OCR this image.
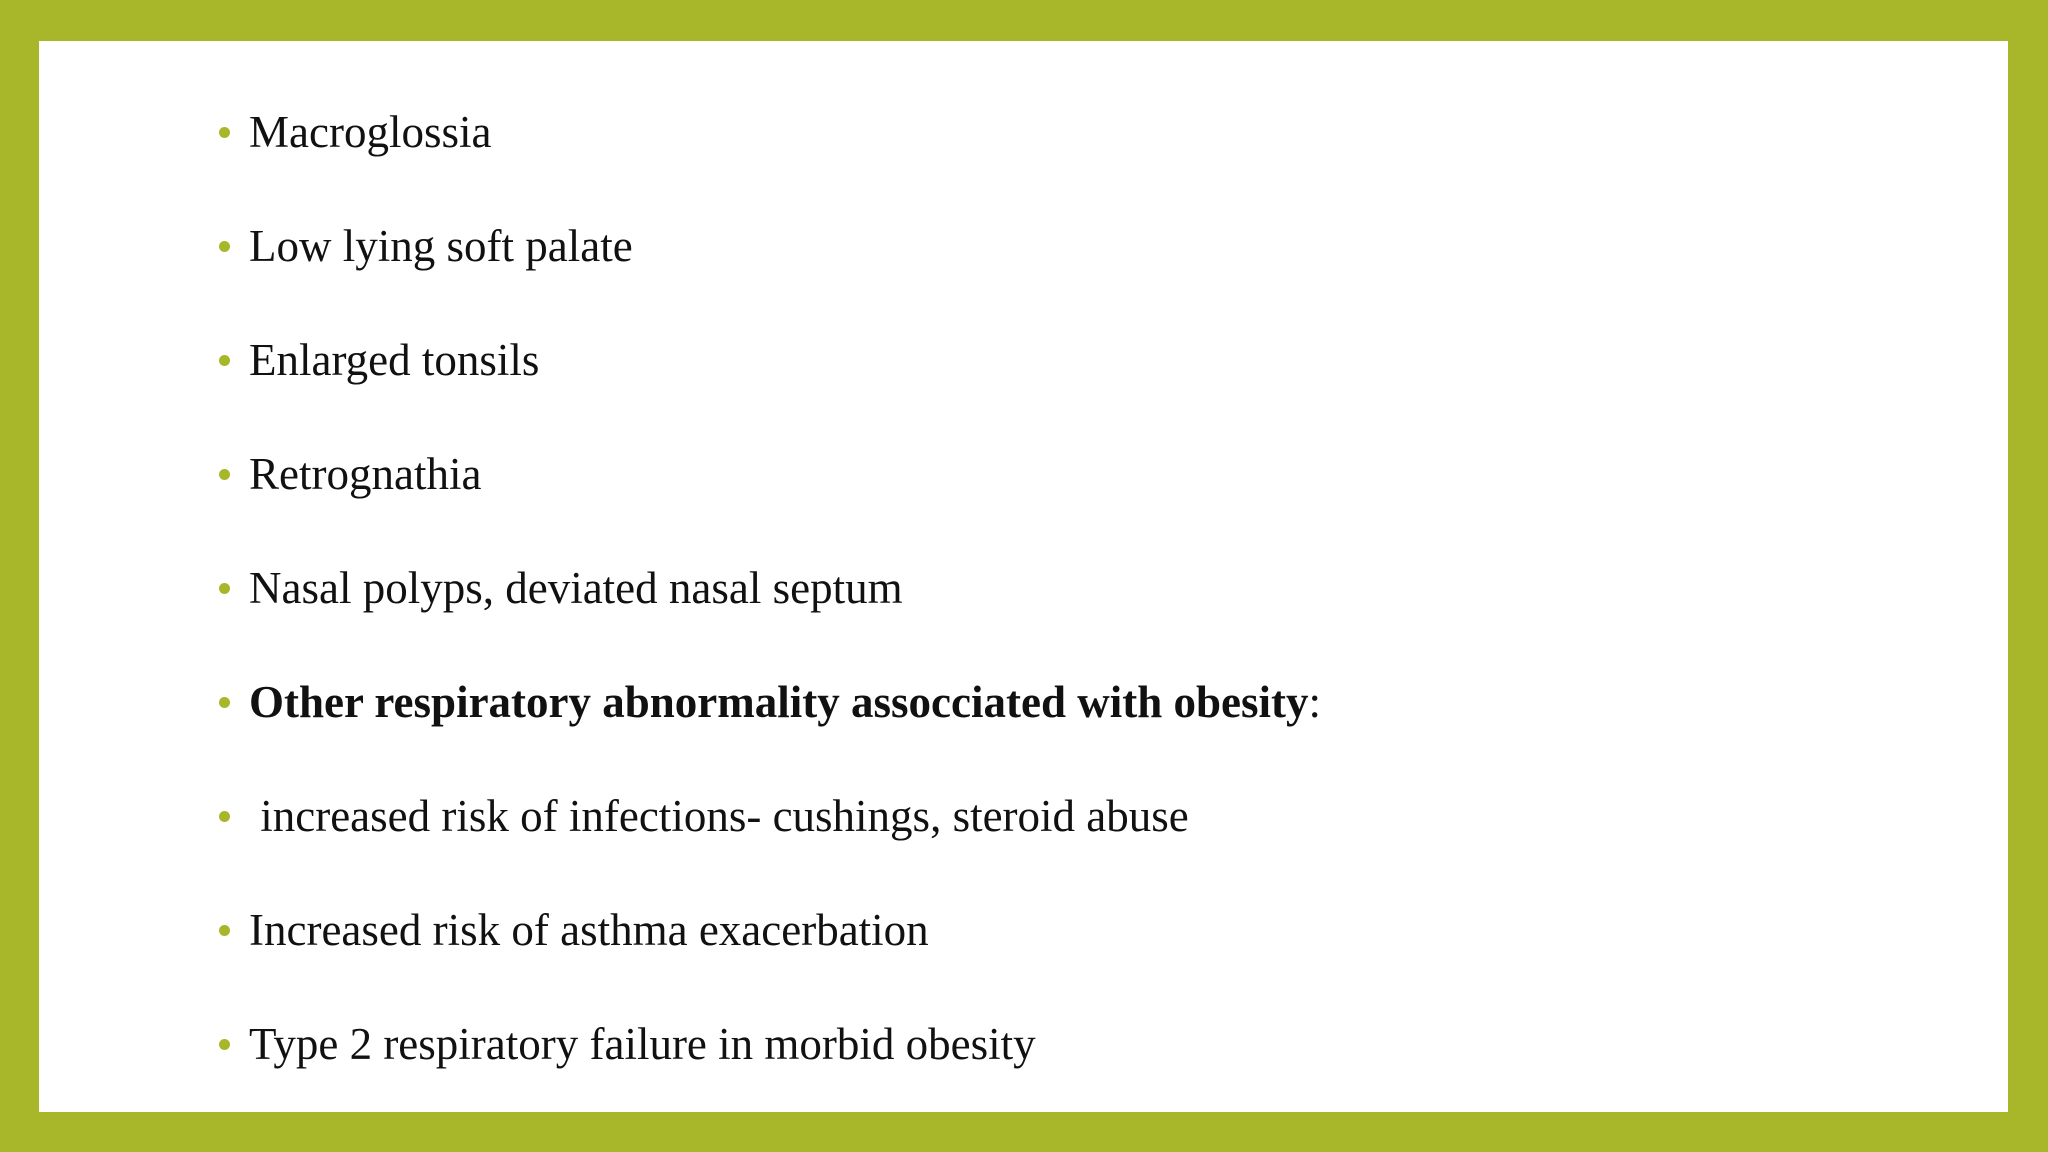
Macroglossia
Low lying soft palate
Enlarged tonsils
Retrognathia
Nasal polyps, deviated nasal septum
Other respiratory abnormality assocciated with obesity:
increased risk of infections- cushings, steroid abuse
Increased risk of asthma exacerbation
Type 2 respiratory failure in morbid obesity
